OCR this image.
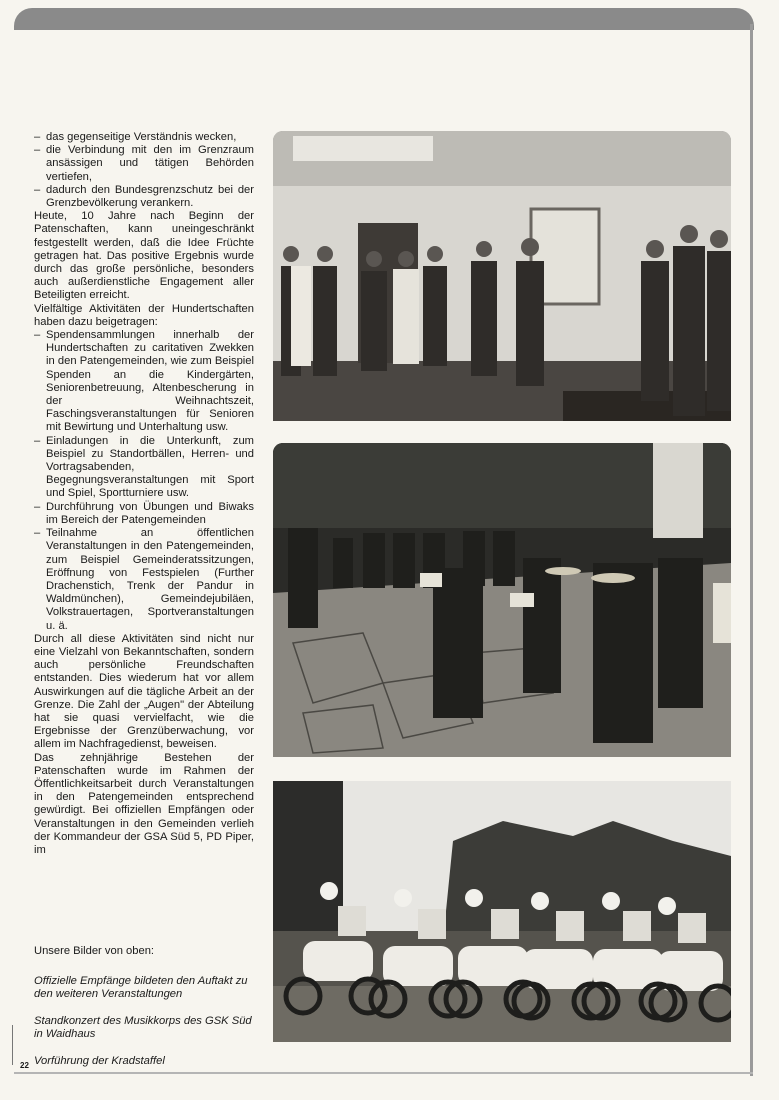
– das gegenseitige Verständnis wecken,
– die Verbindung mit den im Grenzraum ansässigen und tätigen Behörden vertiefen,
– dadurch den Bundesgrenzschutz bei der Grenzbevölkerung verankern.

Heute, 10 Jahre nach Beginn der Patenschaften, kann uneingeschränkt festgestellt werden, daß die Idee Früchte getragen hat. Das positive Ergebnis wurde durch das große persönliche, besonders auch außerdienstliche Engagement aller Beteiligten erreicht.

Vielfältige Aktivitäten der Hundertschaften haben dazu beigetragen:

– Spendensammlungen innerhalb der Hundertschaften zu caritativen Zwekken in den Patengemeinden, wie zum Beispiel Spenden an die Kindergärten, Seniorenbetreuung, Altenbescherung in der Weihnachtszeit, Faschingsveranstaltungen für Senioren mit Bewirtung und Unterhaltung usw.
– Einladungen in die Unterkunft, zum Beispiel zu Standortbällen, Herren- und Vortragsabenden, Begegnungsveranstaltungen mit Sport und Spiel, Sportturniere usw.
– Durchführung von Übungen und Biwaks im Bereich der Patengemeinden
– Teilnahme an öffentlichen Veranstaltungen in den Patengemeinden, zum Beispiel Gemeinderatssitzungen, Eröffnung von Festspielen (Further Drachenstich, Trenk der Pandur in Waldmünchen), Gemeindejubiläen, Volkstrauertagen, Sportveranstaltungen u. ä.

Durch all diese Aktivitäten sind nicht nur eine Vielzahl von Bekanntschaften, sondern auch persönliche Freundschaften entstanden. Dies wiederum hat vor allem Auswirkungen auf die tägliche Arbeit an der Grenze. Die Zahl der „Augen" der Abteilung hat sie quasi vervielfacht, wie die Ergebnisse der Grenzüberwachung, vor allem im Nachfragedienst, beweisen.

Das zehnjährige Bestehen der Patenschaften wurde im Rahmen der Öffentlichkeitsarbeit durch Veranstaltungen in den Patengemeinden entsprechend gewürdigt. Bei offiziellen Empfängen oder Veranstaltungen in den Gemeinden verlieh der Kommandeur der GSA Süd 5, PD Piper, im

Unsere Bilder von oben:

Offizielle Empfänge bildeten den Auftakt zu den weiteren Veranstaltungen

Standkonzert des Musikkorps des GSK Süd in Waidhaus

Vorführung der Kradstaffel

22
